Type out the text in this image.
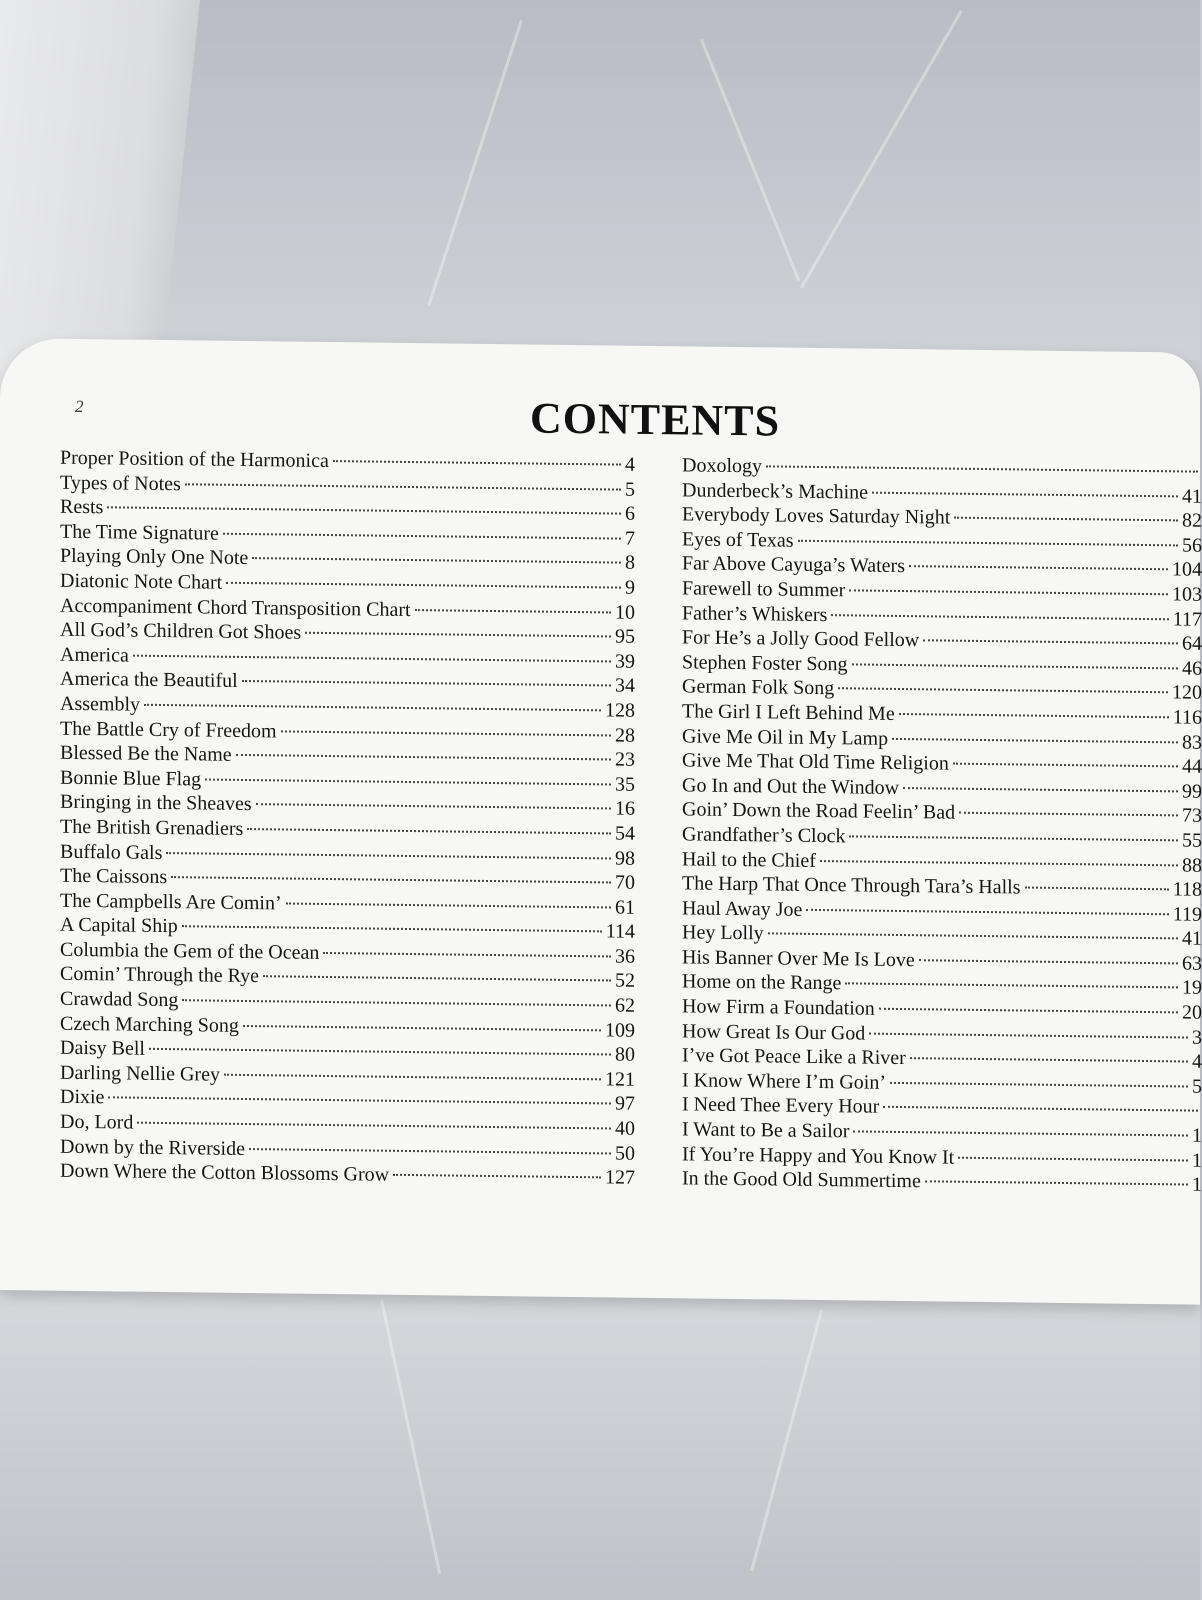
2	CONTENTS
Proper Position of the Harmonica	4
Types of Notes	5
Rests	6
The Time Signature	7
Playing Only One Note	8
Diatonic Note Chart	9
Accompaniment Chord Transposition Chart	10
All God’s Children Got Shoes	95
America	39
America the Beautiful	34
Assembly	128
The Battle Cry of Freedom	28
Blessed Be the Name	23
Bonnie Blue Flag	35
Bringing in the Sheaves	16
The British Grenadiers	54
Buffalo Gals	98
The Caissons	70
The Campbells Are Comin’	61
A Capital Ship	114
Columbia the Gem of the Ocean	36
Comin’ Through the Rye	52
Crawdad Song	62
Czech Marching Song	109
Daisy Bell	80
Darling Nellie Grey	121
Dixie	97
Do, Lord	40
Down by the Riverside	50
Down Where the Cotton Blossoms Grow	127
Doxology
Dunderbeck’s Machine	41
Everybody Loves Saturday Night	82
Eyes of Texas	56
Far Above Cayuga’s Waters	104
Farewell to Summer	103
Father’s Whiskers	117
For He’s a Jolly Good Fellow	64
Stephen Foster Song	46
German Folk Song	120
The Girl I Left Behind Me	116
Give Me Oil in My Lamp	83
Give Me That Old Time Religion	44
Go In and Out the Window	99
Goin’ Down the Road Feelin’ Bad	73
Grandfather’s Clock	55
Hail to the Chief	88
The Harp That Once Through Tara’s Halls	118
Haul Away Joe	119
Hey Lolly	41
His Banner Over Me Is Love	63
Home on the Range	19
How Firm a Foundation	20
How Great Is Our God	3
I’ve Got Peace Like a River	4
I Know Where I’m Goin’	5
I Need Thee Every Hour
I Want to Be a Sailor	1
If You’re Happy and You Know It	1
In the Good Old Summertime	1
